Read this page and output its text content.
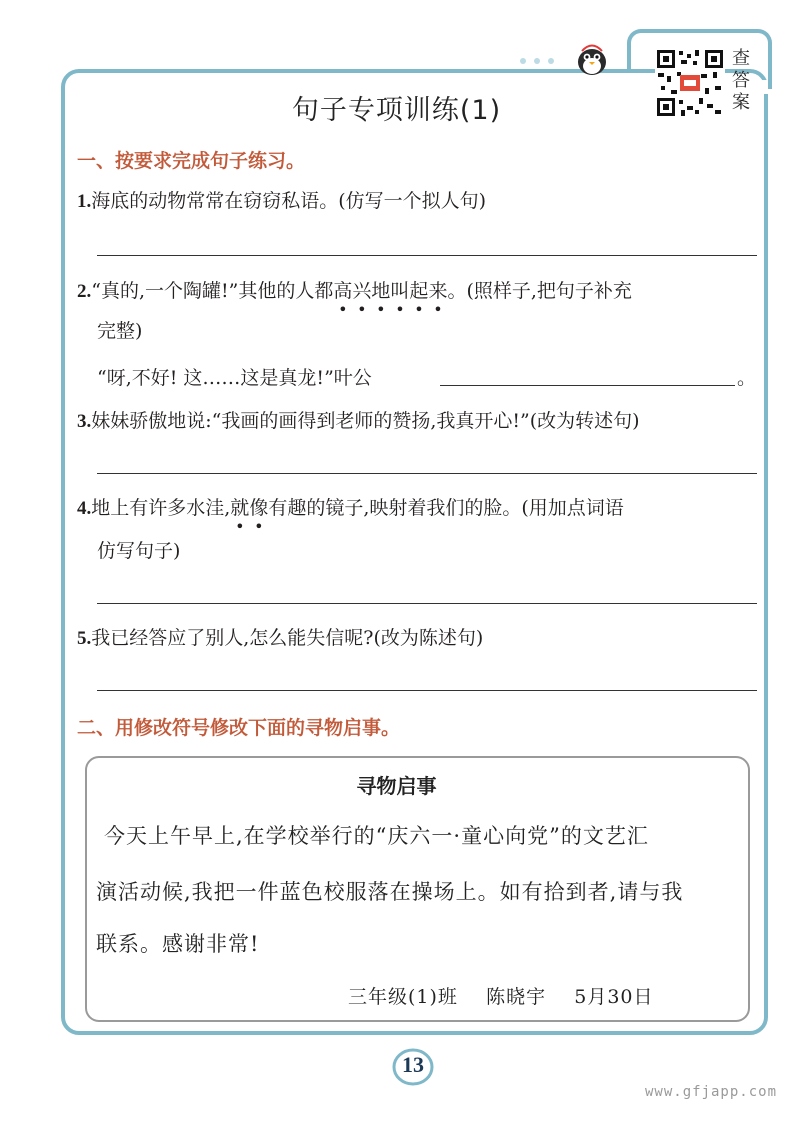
查
答
案
句子专项训练(1)
一、按要求完成句子练习。
1.海底的动物常常在窃窃私语。(仿写一个拟人句)
2.“真的,一个陶罐!”其他的人都高兴地叫起来。(照样子,把句子补充
完整)
“呀,不好! 这……这是真龙!”叶公	。
3.妹妹骄傲地说:“我画的画得到老师的赞扬,我真开心!”(改为转述句)
4.地上有许多水洼,就像有趣的镜子,映射着我们的脸。(用加点词语
仿写句子)
5.我已经答应了别人,怎么能失信呢?(改为陈述句)
二、用修改符号修改下面的寻物启事。
寻物启事
今天上午早上,在学校举行的“庆六一·童心向党”的文艺汇
演活动候,我把一件蓝色校服落在操场上。如有拾到者,请与我
联系。感谢非常!
三年级(1)班    陈晓宇    5月30日
13
www.gfjapp.com
